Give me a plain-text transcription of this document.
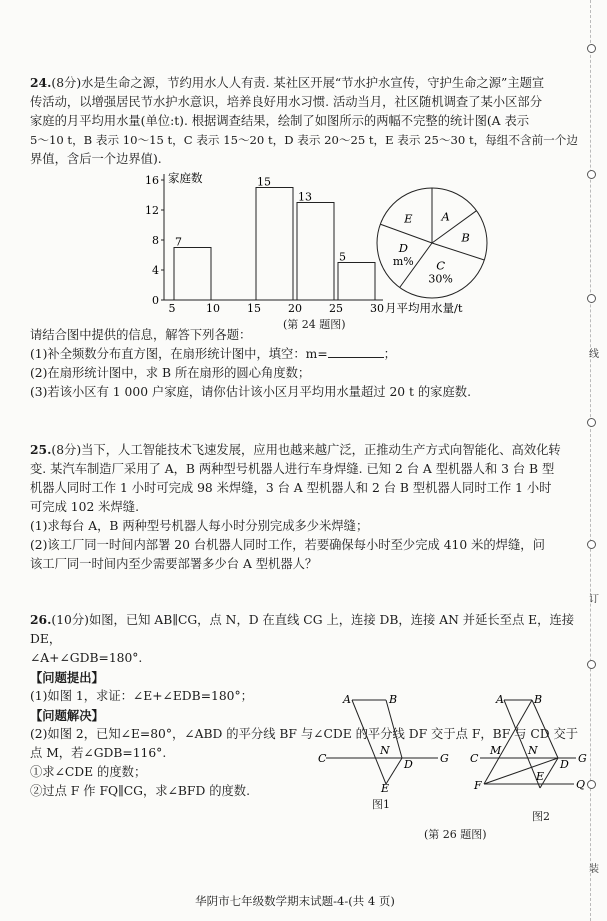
24.(8分)水是生命之源，节约用水人人有责. 某社区开展“节水护水宣传，守护生命之源”主题宣

传活动，以增强居民节水护水意识，培养良好用水习惯. 活动当月，社区随机调查了某小区部分

家庭的月平均用水量(单位:t). 根据调查结果，绘制了如图所示的两幅不完整的统计图(A 表示

5～10 t，B 表示 10～15 t，C 表示 15～20 t，D 表示 20～25 t，E 表示 25～30 t，每组不含前一个边

界值，含后一个边界值).

0
4
8
12
16
5	10 15 20 25 30
7
15
13
5
家庭数
月平均用水量/t
(第 24 题图)
A
B
C
30%
D
m%
E

请结合图中提供的信息，解答下列各题：

(1)补全频数分布直方图，在扇形统计图中，填空：m=	；

(2)在扇形统计图中，求 B 所在扇形的圆心角度数；

(3)若该小区有 1 000 户家庭，请你估计该小区月平均用水量超过 20 t 的家庭数.

25.(8分)当下，人工智能技术飞速发展，应用也越来越广泛，正推动生产方式向智能化、高效化转

变. 某汽车制造厂采用了 A，B 两种型号机器人进行车身焊缝. 已知 2 台 A 型机器人和 3 台 B 型

机器人同时工作 1 小时可完成 98 米焊缝，3 台 A 型机器人和 2 台 B 型机器人同时工作 1 小时

可完成 102 米焊缝.

(1)求每台 A，B 两种型号机器人每小时分别完成多少米焊缝；

(2)该工厂同一时间内部署 20 台机器人同时工作，若要确保每小时至少完成 410 米的焊缝，问

该工厂同一时间内至少需要部署多少台 A 型机器人？

26.(10分)如图，已知 AB∥CG，点 N，D 在直线 CG 上，连接 DB，连接 AN 并延长至点 E，连接 DE，

∠A+∠GDB=180°.

【问题提出】

(1)如图 1，求证：∠E+∠EDB=180°；

【问题解决】

(2)如图 2，已知∠E=80°，∠ABD 的平分线 BF 与∠CDE 的平分线 DF 交于点 F，BF 与 CD 交于

点 M，若∠GDB=116°.

①求∠CDE 的度数；

②过点 F 作 FQ∥CG，求∠BFD 的度数.

A	B
C
N
D G
E
图1
A	B
C
M N
D G
E
F	Q
图2
(第 26 题图)
华阴市七年级数学期末试题-4-(共 4 页)
线
订
装
